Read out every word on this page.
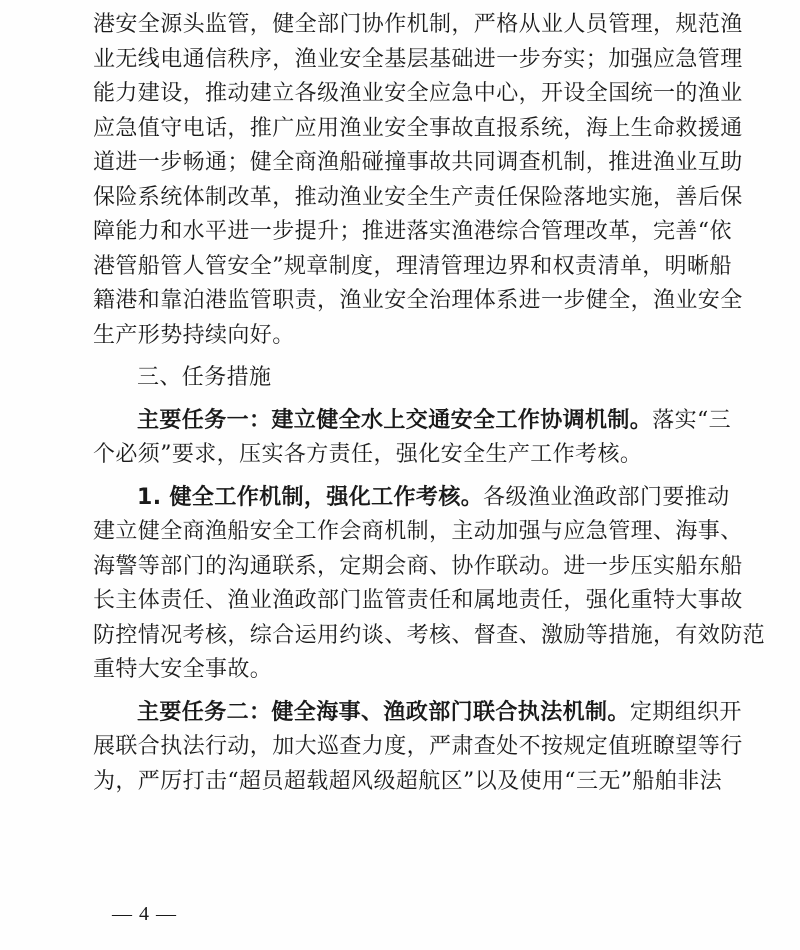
港安全源头监管，健全部门协作机制，严格从业人员管理，规范渔
业无线电通信秩序，渔业安全基层基础进一步夯实；加强应急管理
能力建设，推动建立各级渔业安全应急中心，开设全国统一的渔业
应急值守电话，推广应用渔业安全事故直报系统，海上生命救援通
道进一步畅通；健全商渔船碰撞事故共同调查机制，推进渔业互助
保险系统体制改革，推动渔业安全生产责任保险落地实施，善后保
障能力和水平进一步提升；推进落实渔港综合管理改革，完善“依
港管船管人管安全”规章制度，理清管理边界和权责清单，明晰船
籍港和靠泊港监管职责，渔业安全治理体系进一步健全，渔业安全
生产形势持续向好。
三、任务措施
主要任务一：建立健全水上交通安全工作协调机制。落实“三
个必须”要求，压实各方责任，强化安全生产工作考核。
1. 健全工作机制，强化工作考核。各级渔业渔政部门要推动
建立健全商渔船安全工作会商机制，主动加强与应急管理、海事、
海警等部门的沟通联系，定期会商、协作联动。进一步压实船东船
长主体责任、渔业渔政部门监管责任和属地责任，强化重特大事故
防控情况考核，综合运用约谈、考核、督查、激励等措施，有效防范
重特大安全事故。
主要任务二：健全海事、渔政部门联合执法机制。定期组织开
展联合执法行动，加大巡查力度，严肃查处不按规定值班瞭望等行
为，严厉打击“超员超载超风级超航区”以及使用“三无”船舶非法
— 4 —
